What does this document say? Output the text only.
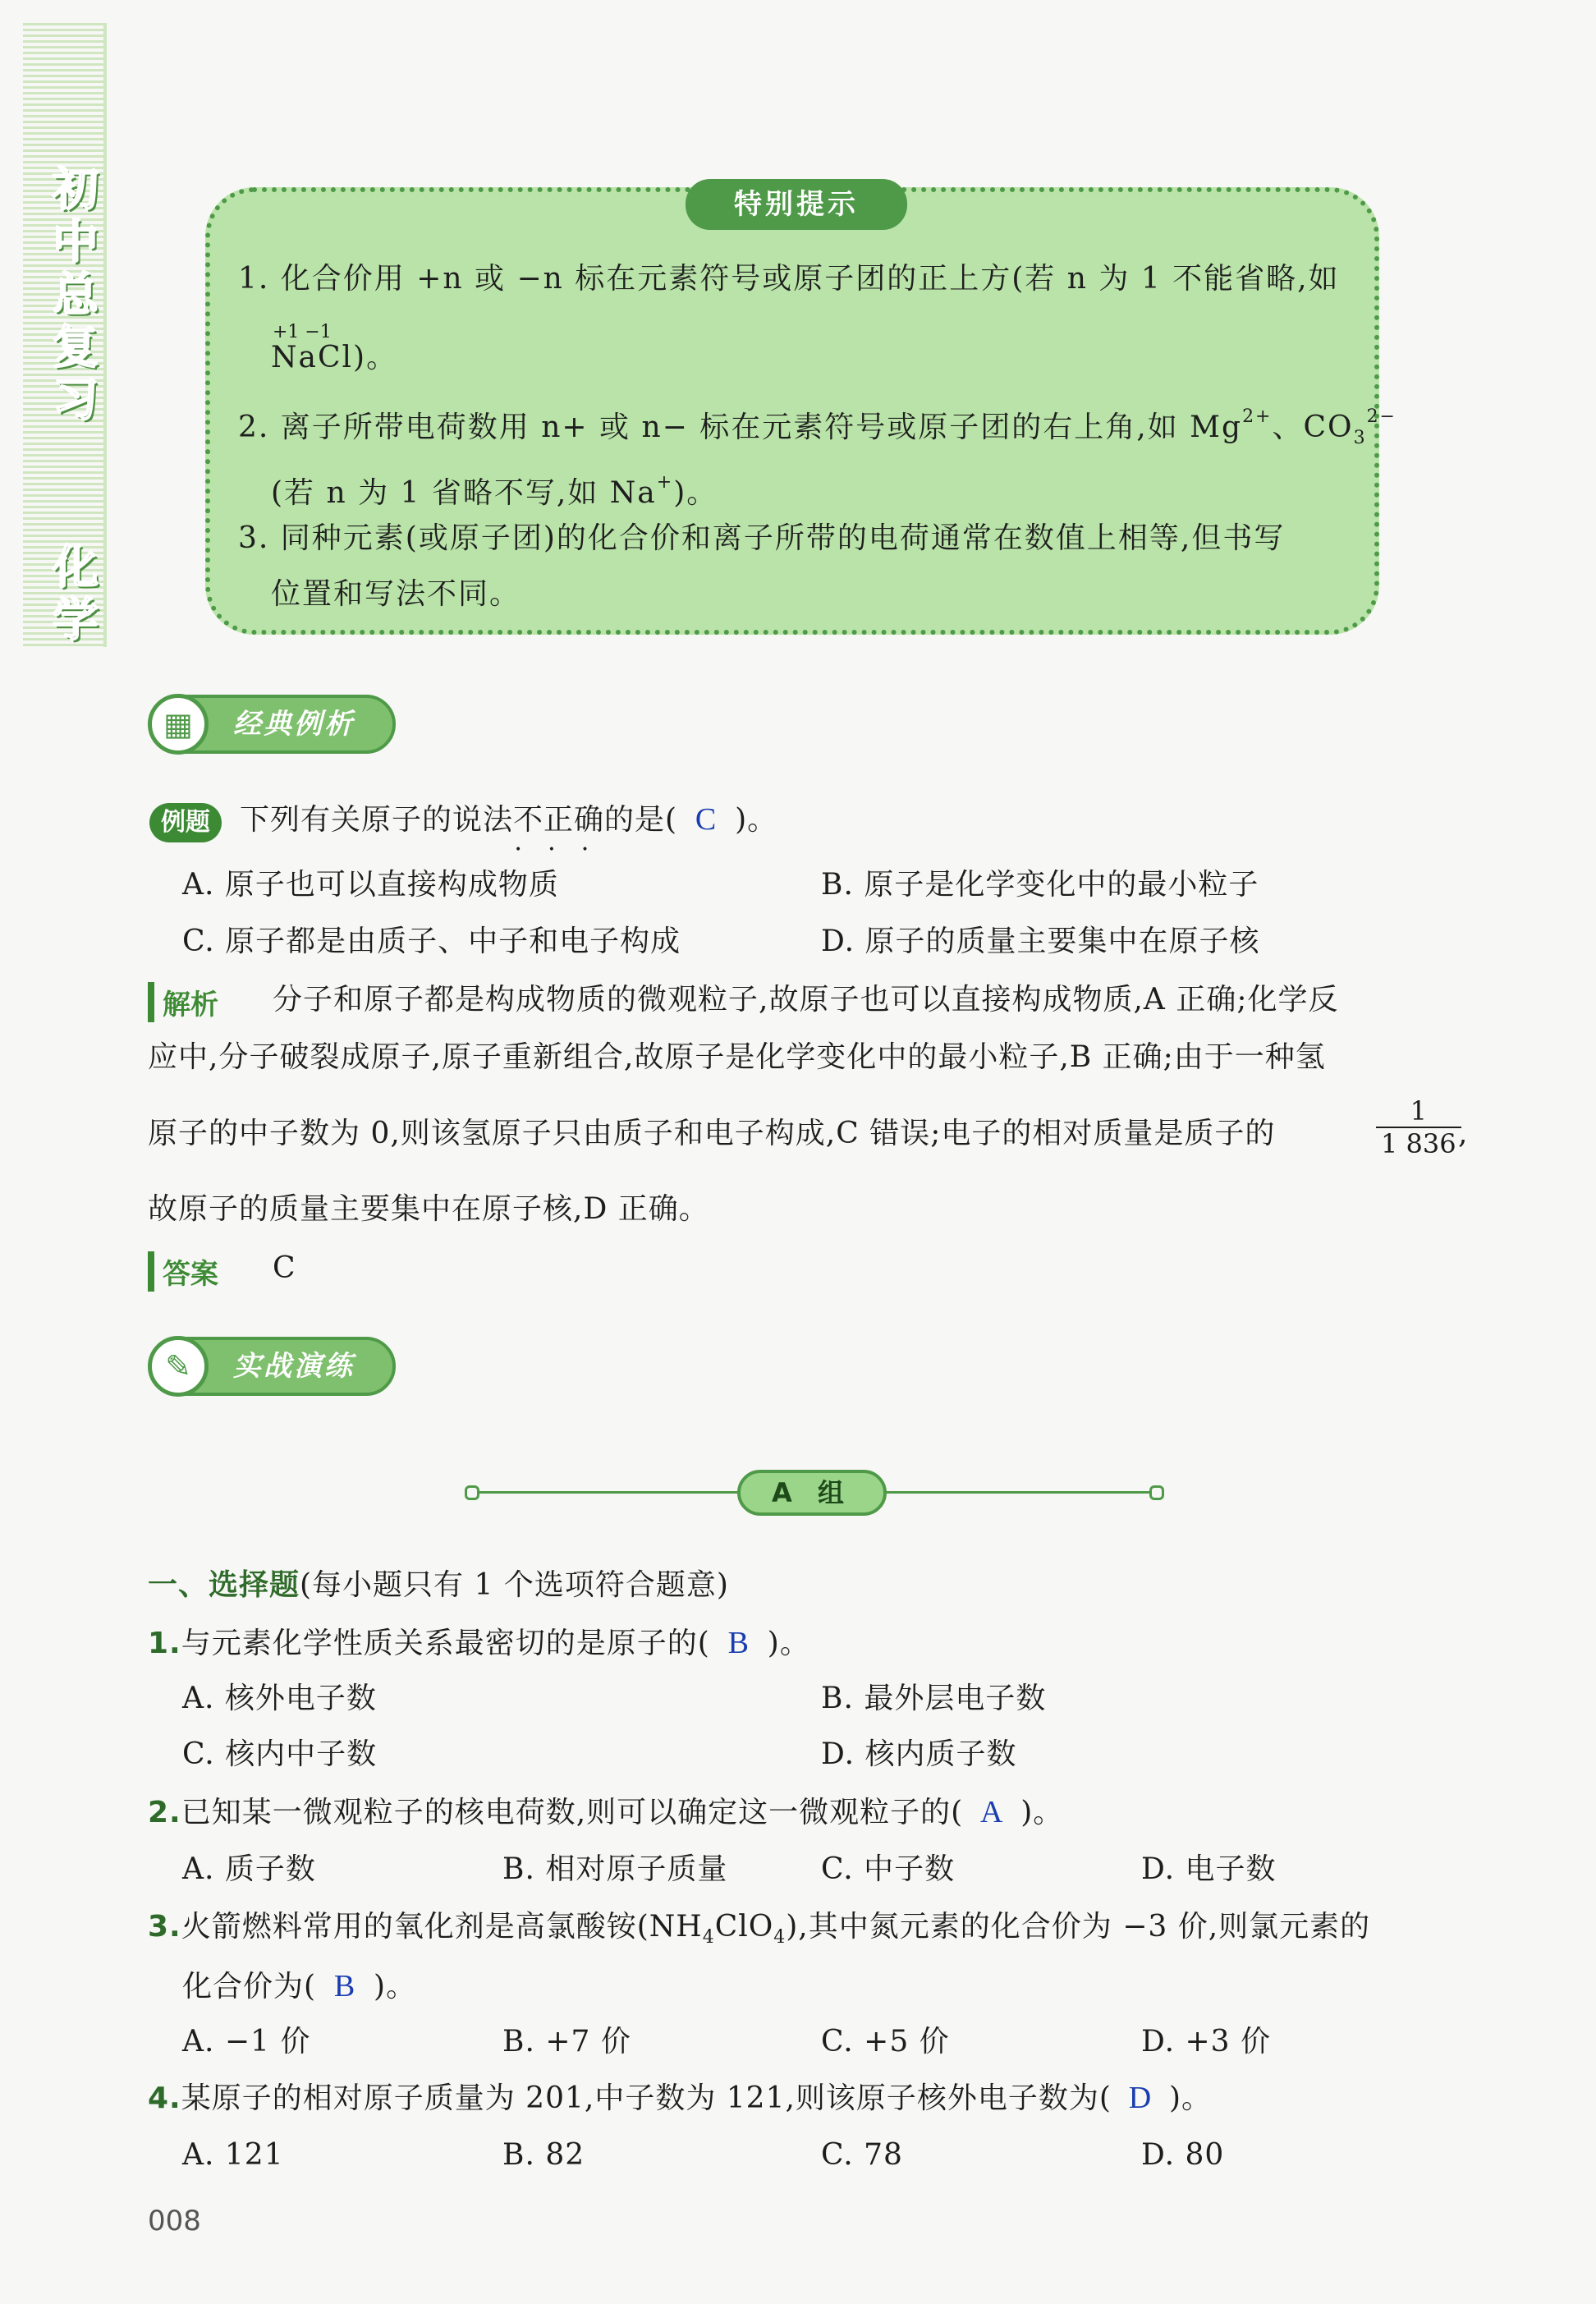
初
中
总
复
习
化
学
特别提示
1. 化合价用 +n 或 −n 标在元素符号或原子团的正上方(若 n 为 1 不能省略,如
+1 −1
NaCl)。
2. 离子所带电荷数用 n+ 或 n− 标在元素符号或原子团的右上角,如 $Mg^{2+}$、$CO_3^{2-}$
(若 n 为 1 省略不写,如 Na+)。
3. 同种元素(或原子团)的化合价和离子所带的电荷通常在数值上相等,但书写
位置和写法不同。
▦	经典例析
例题	下列有关原子的说法不正确 • • •的是( C )。
A. 原子也可以直接构成物质	B. 原子是化学变化中的最小粒子
C. 原子都是由质子、中子和电子构成	D. 原子的质量主要集中在原子核
解析 分子和原子都是构成物质的微观粒子,故原子也可以直接构成物质,A 正确;化学反
应中,分子破裂成原子,原子重新组合,故原子是化学变化中的最小粒子,B 正确;由于一种氢
原子的中子数为 0,则该氢原子只由质子和电子构成,C 错误;电子的相对质量是质子的	$\frac{1}{1 836}$
,
故原子的质量主要集中在原子核,D 正确。
答案 C
✎	实战演练
A 组
一、选择题(每小题只有 1 个选项符合题意)
1.与元素化学性质关系最密切的是原子的( B )。
A. 核外电子数	B. 最外层电子数
C. 核内中子数	D. 核内质子数
2.已知某一微观粒子的核电荷数,则可以确定这一微观粒子的( A )。
A. 质子数	B. 相对原子质量	C. 中子数	D. 电子数
3.火箭燃料常用的氧化剂是高氯酸铵$(NH_4ClO_4)$,其中氮元素的化合价为 −3 价,则氯元素的
化合价为( B )。
A. −1 价	B. +7 价	C. +5 价	D. +3 价
4.某原子的相对原子质量为 201,中子数为 121,则该原子核外电子数为( D )。
A. 121	B. 82	C. 78	D. 80
008
